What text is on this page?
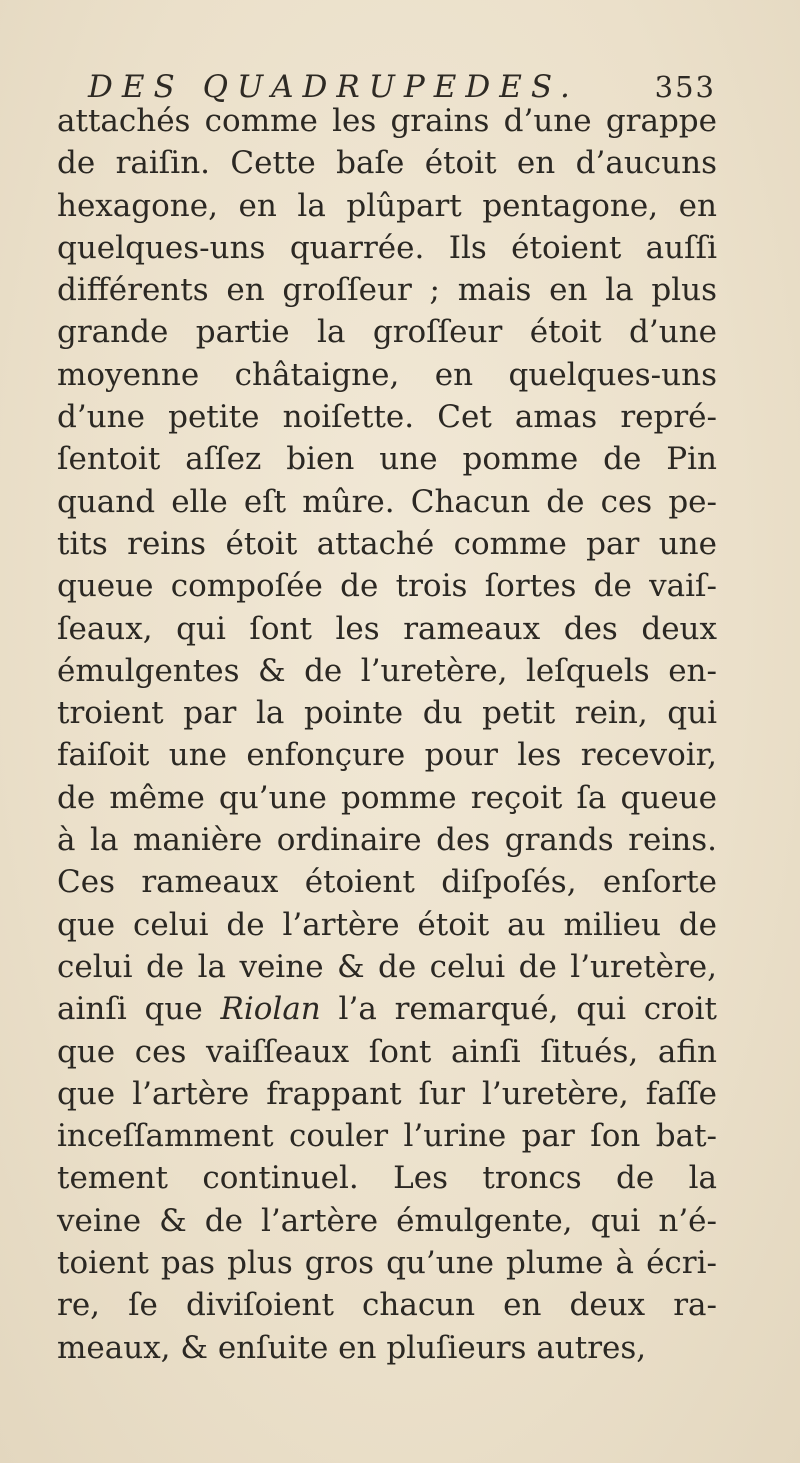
DES QUADRUPEDES.	353
attachés comme les grains d’une grappe
de raiſin. Cette baſe étoit en d’aucuns
hexagone, en la plûpart pentagone, en
quelques-uns quarrée. Ils étoient auſſi
différents en groſſeur ; mais en la plus
grande partie la groſſeur étoit d’une
moyenne châtaigne, en quelques-uns
d’une petite noiſette. Cet amas repré-
ſentoit aſſez bien une pomme de Pin
quand elle eſt mûre. Chacun de ces pe-
tits reins étoit attaché comme par une
queue compoſée de trois ſortes de vaiſ-
ſeaux, qui ſont les rameaux des deux
émulgentes & de l’uretère, leſquels en-
troient par la pointe du petit rein, qui
faiſoit une enfonçure pour les recevoir,
de même qu’une pomme reçoit ſa queue
à la manière ordinaire des grands reins.
Ces rameaux étoient diſpoſés, enſorte
que celui de l’artère étoit au milieu de
celui de la veine & de celui de l’uretère,
ainſi que Riolan l’a remarqué, qui croit
que ces vaiſſeaux ſont ainſi ſitués, afin
que l’artère frappant ſur l’uretère, faſſe
inceſſamment couler l’urine par ſon bat-
tement continuel. Les troncs de la
veine & de l’artère émulgente, qui n’é-
toient pas plus gros qu’une plume à écri-
re, ſe diviſoient chacun en deux ra-
meaux, & enſuite en pluſieurs autres,
